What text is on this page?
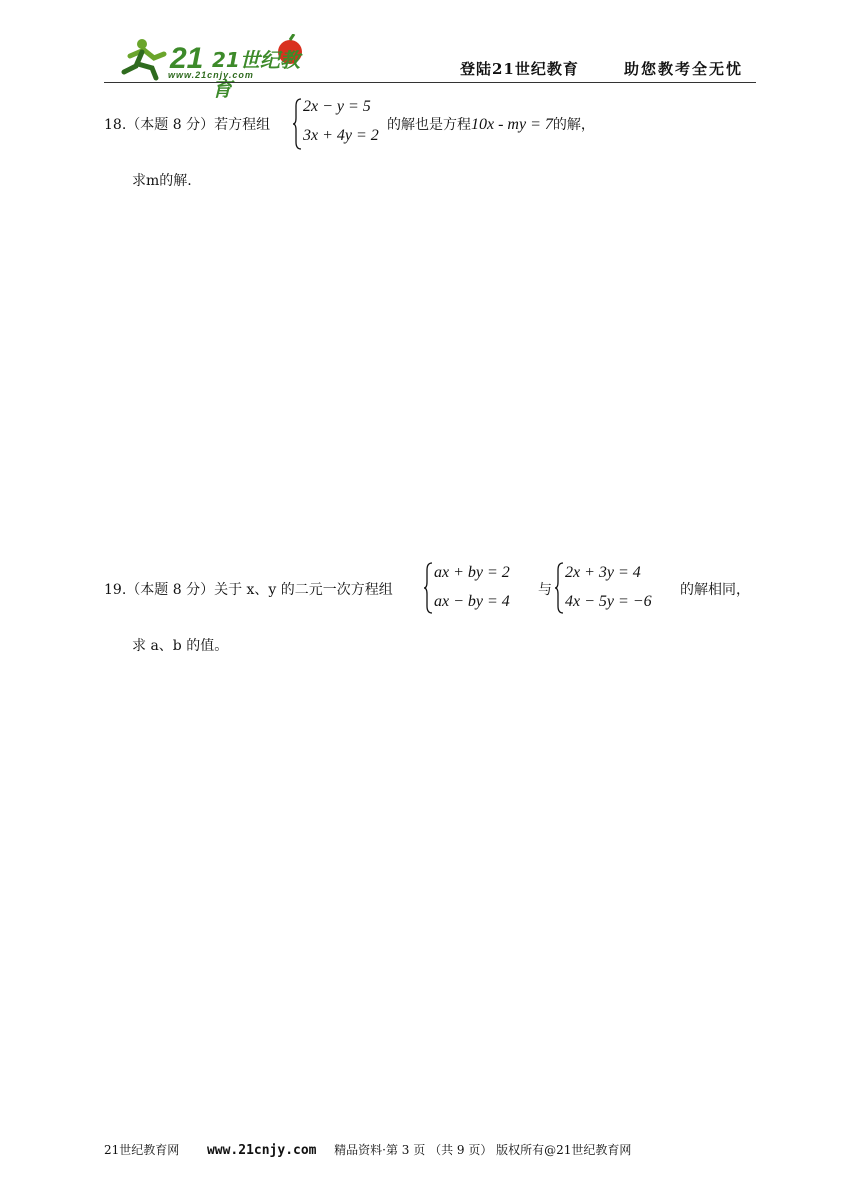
21 21世纪教育
www.21cnjy.com	登陆21世纪教育	助您教考全无忧
18.（本题 8 分）若方程组
2x − y = 5
3x + 4y = 2
的解也是方程10x - my = 7的解，
求m的解.
19.（本题 8 分）关于 x、y 的二元一次方程组
ax + by = 2
ax − by = 4
与
2x + 3y = 4
4x − 5y = −6
的解相同，
求 a、b 的值。
21世纪教育网 www.21cnjy.com 精品资料·第 3 页 （共 9 页） 版权所有@21世纪教育网
